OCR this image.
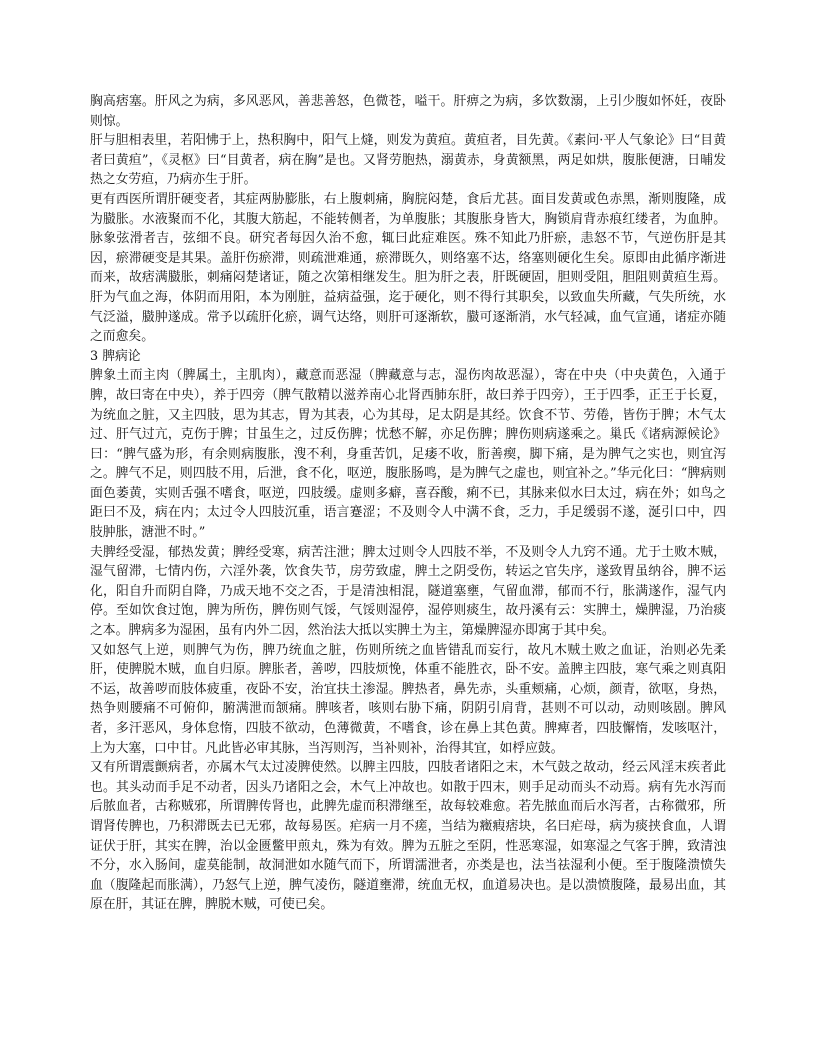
胸高痞塞。肝风之为病，多风恶风，善悲善怒，色微苍，嗌干。肝痹之为病，多饮数溺，上引少腹如怀妊，夜卧则惊。

肝与胆相表里，若阳怫于上，热积胸中，阳气上熢，则发为黄疸。黄疸者，目先黄。《素问·平人气象论》曰“目黄者曰黄疸”，《灵枢》曰“目黄者，病在胸”是也。又肾劳胞热，溺黄赤，身黄额黑，两足如烘，腹胀便溏，日晡发热之女劳疸，乃病亦生于肝。

更有西医所谓肝硬变者，其症两胁膨胀，右上腹刺痛，胸脘闷楚，食后尤甚。面目发黄或色赤黑，渐则腹隆，成为臌胀。水液聚而不化，其腹大筋起，不能转侧者，为单腹胀；其腹胀身皆大，胸锁肩背赤痕红缕者，为血肿。脉象弦滑者吉，弦细不良。研究者每因久治不愈，辄曰此症难医。殊不知此乃肝瘀，恚怒不节，气逆伤肝是其因，瘀滞硬变是其果。盖肝伤瘀滞，则疏泄难通，瘀滞既久，则络塞不达，络塞则硬化生矣。原即由此循序渐进而来，故痞满臌胀，刺痛闷楚诸证，随之次第相继发生。胆为肝之表，肝既硬固，胆则受阻，胆阻则黄疸生焉。肝为气血之海，体阴而用阳，本为刚脏，益病益强，迄于硬化，则不得行其职矣，以致血失所藏，气失所统，水气泛溢，臌肿遂成。常予以疏肝化瘀，调气达络，则肝可逐渐软，臌可逐渐消，水气轻减，血气宣通，诸症亦随之而愈矣。

3 脾病论

脾象土而主肉（脾属土，主肌肉），藏意而恶湿（脾藏意与志，湿伤肉故恶湿），寄在中央（中央黄色，入通于脾，故曰寄在中央），养于四旁（脾气散精以滋养南心北肾西肺东肝，故曰养于四旁），王于四季，正王于长夏，为统血之脏，又主四肢，思为其志，胃为其表，心为其母，足太阴是其经。饮食不节、劳倦，皆伤于脾；木气太过、肝气过亢，克伤于脾；甘虽生之，过反伤脾；忧愁不解，亦足伤脾；脾伤则病遂乘之。巢氏《诸病源候论》曰：“脾气盛为形，有余则病腹胀，溲不利，身重苦饥，足痿不收，胻善瘈，脚下痛，是为脾气之实也，则宜泻之。脾气不足，则四肢不用，后泄，食不化，呕逆，腹胀肠鸣，是为脾气之虚也，则宜补之。”华元化曰：“脾病则面色萎黄，实则舌强不嗜食，呕逆，四肢缓。虚则多癖，喜吞酸，痢不已，其脉来似水曰太过，病在外；如鸟之距曰不及，病在内；太过令人四肢沉重，语言蹇涩；不及则令人中满不食，乏力，手足缓弱不遂，涎引口中，四肢肿胀，溏泄不时。”

夫脾经受湿，郁热发黄；脾经受寒，病苦注泄；脾太过则令人四肢不举，不及则令人九窍不通。尤于土败木贼，湿气留滞，七情内伤，六淫外袭，饮食失节，房劳致虚，脾土之阴受伤，转运之官失序，遂致胃虽纳谷，脾不运化，阳自升而阴自降，乃成天地不交之否，于是清浊相混，隧道塞壅，气留血滞，郁而不行，胀满遂作，湿气内停。至如饮食过饱，脾为所伤，脾伤则气馁，气馁则湿停，湿停则痰生，故丹溪有云：实脾土，燥脾湿，乃治痰之本。脾病多为湿困，虽有内外二因，然治法大抵以实脾土为主，第燥脾湿亦即寓于其中矣。

又如怒气上逆，则脾气为伤，脾乃统血之脏，伤则所统之血皆错乱而妄行，故凡木贼土败之血证，治则必先柔肝，使脾脱木贼，血自归原。脾胀者，善哕，四肢烦悗，体重不能胜衣，卧不安。盖脾主四肢，寒气乘之则真阳不运，故善哕而肢体疲重，夜卧不安，治宜扶土渗湿。脾热者，鼻先赤，头重颊痛，心烦，颜青，欲呕，身热，热争则腰痛不可俯仰，腑满泄而颔痛。脾咳者，咳则右胁下痛，阴阴引肩背，甚则不可以动，动则咳剧。脾风者，多汗恶风，身体怠惰，四肢不欲动，色薄微黄，不嗜食，诊在鼻上其色黄。脾痺者，四肢懈惰，发咳呕汁，上为大塞，口中甘。凡此皆必审其脉，当泻则泻，当补则补，治得其宜，如桴应鼓。

又有所谓震颤病者，亦属木气太过凌脾使然。以脾主四肢，四肢者诸阳之末，木气鼓之故动，经云风淫末疾者此也。其头动而手足不动者，因头乃诸阳之会，木气上冲故也。如散于四末，则手足动而头不动焉。病有先水泻而后脓血者，古称贼邪，所谓脾传肾也，此脾先虚而积滞继至，故每较难愈。若先脓血而后水泻者，古称微邪，所谓肾传脾也，乃积滞既去已无邪，故每易医。疟病一月不瘥，当结为癥瘕痞块，名曰疟母，病为痰挟食血，人谓证伏于肝，其实在脾，治以金匮鳖甲煎丸，殊为有效。脾为五脏之至阴，性恶寒湿，如寒湿之气客于脾，致清浊不分，水入肠间，虚莫能制，故洞泄如水随气而下，所谓濡泄者，亦类是也，法当祛湿利小便。至于腹隆溃愤失血（腹隆起而胀满），乃怒气上逆，脾气凌伤，隧道壅滞，统血无权，血道易决也。是以溃愤腹隆，最易出血，其原在肝，其证在脾，脾脱木贼，可使已矣。
